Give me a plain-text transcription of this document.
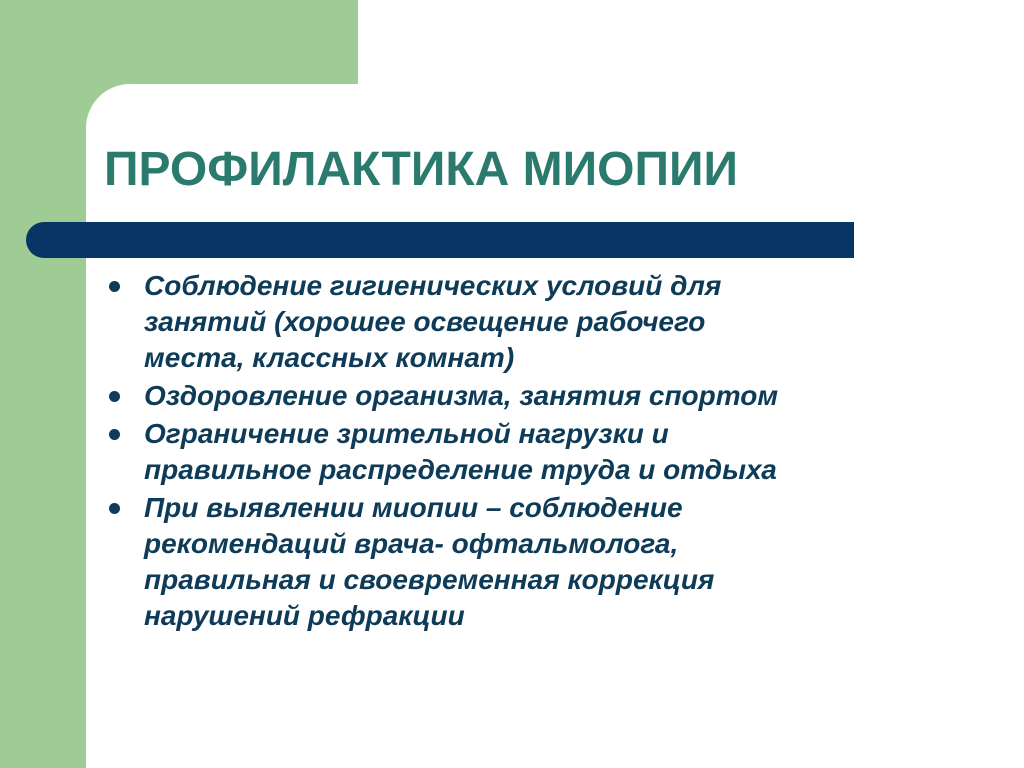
ПРОФИЛАКТИКА МИОПИИ
Соблюдение гигиенических условий для
занятий (хорошее освещение рабочего
места, классных комнат)
Оздоровление организма, занятия спортом
Ограничение зрительной нагрузки и
правильное распределение труда и отдыха
При выявлении миопии – соблюдение
рекомендаций врача- офтальмолога,
правильная и своевременная коррекция
нарушений рефракции
